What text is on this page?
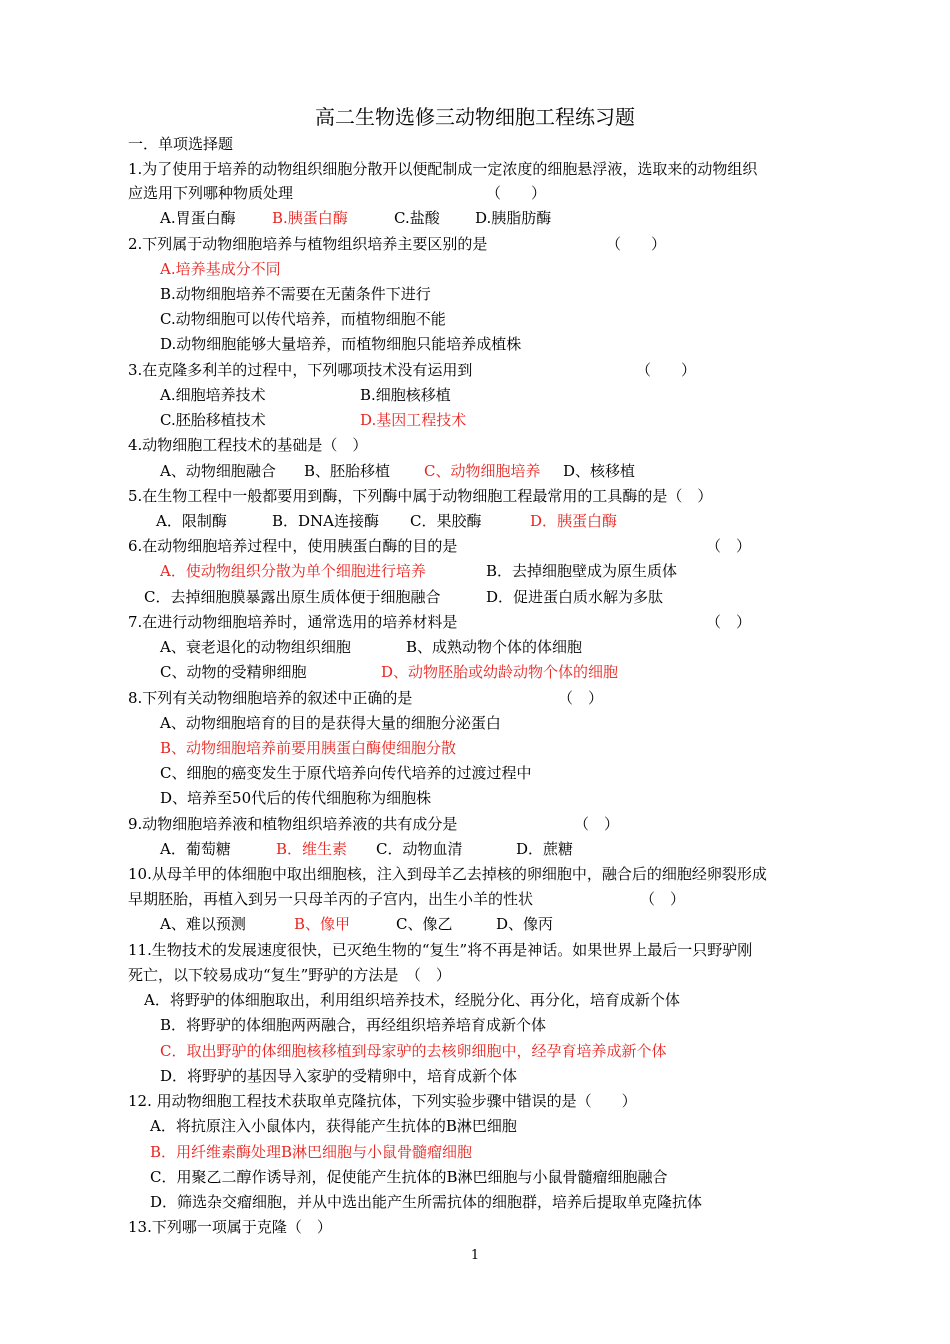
高二生物选修三动物细胞工程练习题
一．单项选择题
1.为了使用于培养的动物组织细胞分散开以便配制成一定浓度的细胞悬浮液，选取来的动物组织
应选用下列哪种物质处理	（　　）
A.胃蛋白酶 B.胰蛋白酶	C.盐酸 D.胰脂肪酶
2.下列属于动物细胞培养与植物组织培养主要区别的是	（　　）
A.培养基成分不同
B.动物细胞培养不需要在无菌条件下进行
C.动物细胞可以传代培养，而植物细胞不能
D.动物细胞能够大量培养，而植物细胞只能培养成植株
3.在克隆多利羊的过程中，下列哪项技术没有运用到	（　　）
A.细胞培养技术	B.细胞核移植
C.胚胎移植技术	D.基因工程技术
4.动物细胞工程技术的基础是（　）
A、动物细胞融合 B、胚胎移植 C、动物细胞培养 D、核移植
5.在生物工程中一般都要用到酶，下列酶中属于动物细胞工程最常用的工具酶的是（　）
A．限制酶	B．DNA连接酶 C．果胶酶	D．胰蛋白酶
6.在动物细胞培养过程中，使用胰蛋白酶的目的是	（　）
A．使动物组织分散为单个细胞进行培养	B．去掉细胞壁成为原生质体
C．去掉细胞膜暴露出原生质体便于细胞融合	D．促进蛋白质水解为多肽
7.在进行动物细胞培养时，通常选用的培养材料是	（　）
A、衰老退化的动物组织细胞	B、成熟动物个体的体细胞
C、动物的受精卵细胞	D、动物胚胎或幼龄动物个体的细胞
8.下列有关动物细胞培养的叙述中正确的是	（　）
A、动物细胞培育的目的是获得大量的细胞分泌蛋白
B、动物细胞培养前要用胰蛋白酶使细胞分散
C、细胞的癌变发生于原代培养向传代培养的过渡过程中
D、培养至50代后的传代细胞称为细胞株
9.动物细胞培养液和植物组织培养液的共有成分是	（　）
A．葡萄糖	B．维生素 C．动物血清	D．蔗糖
10.从母羊甲的体细胞中取出细胞核，注入到母羊乙去掉核的卵细胞中，融合后的细胞经卵裂形成
早期胚胎，再植入到另一只母羊丙的子宫内，出生小羊的性状	（　）
A、难以预测	B、像甲	C、像乙	D、像丙
11.生物技术的发展速度很快，已灭绝生物的“复生”将不再是神话。如果世界上最后一只野驴刚
死亡，以下较易成功“复生”野驴的方法是　（　）
A．将野驴的体细胞取出，利用组织培养技术，经脱分化、再分化，培育成新个体
B．将野驴的体细胞两两融合，再经组织培养培育成新个体
C．取出野驴的体细胞核移植到母家驴的去核卵细胞中，经孕育培养成新个体
D．将野驴的基因导入家驴的受精卵中，培育成新个体
12. 用动物细胞工程技术获取单克隆抗体，下列实验步骤中错误的是（　　）
A．将抗原注入小鼠体内，获得能产生抗体的B淋巴细胞
B．用纤维素酶处理B淋巴细胞与小鼠骨髓瘤细胞
C．用聚乙二醇作诱导剂，促使能产生抗体的B淋巴细胞与小鼠骨髓瘤细胞融合
D．筛选杂交瘤细胞，并从中选出能产生所需抗体的细胞群，培养后提取单克隆抗体
13.下列哪一项属于克隆（　）
1
